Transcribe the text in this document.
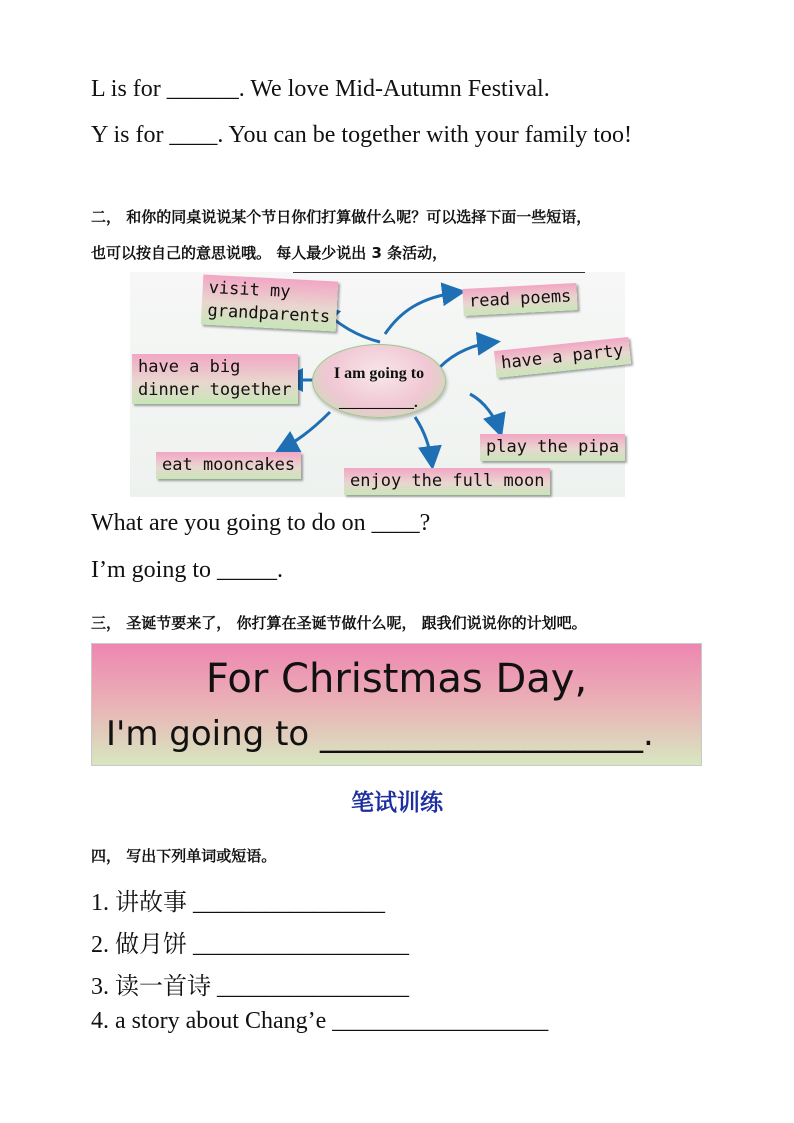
L is for ______. We love Mid-Autumn Festival.
Y is for ____. You can be together with your family too!
二， 和你的同桌说说某个节日你们打算做什么呢？可以选择下面一些短语，
也可以按自己的意思说哦。 每人最少说出 3 条活动，
visit my
grandparents
read poems
have a big
dinner together
have a party
play the pipa
eat mooncakes
enjoy the full moon
I am going to
__________.
What are you going to do on ____?
I’m going to _____.
三， 圣诞节要来了， 你打算在圣诞节做什么呢， 跟我们说说你的计划吧。
For Christmas Day,
I'm going to ___________________.
笔试训练
四， 写出下列单词或短语。
1. 讲故事 ________________
2. 做月饼 __________________
3. 读一首诗 ________________
4. a story about Chang’e __________________
